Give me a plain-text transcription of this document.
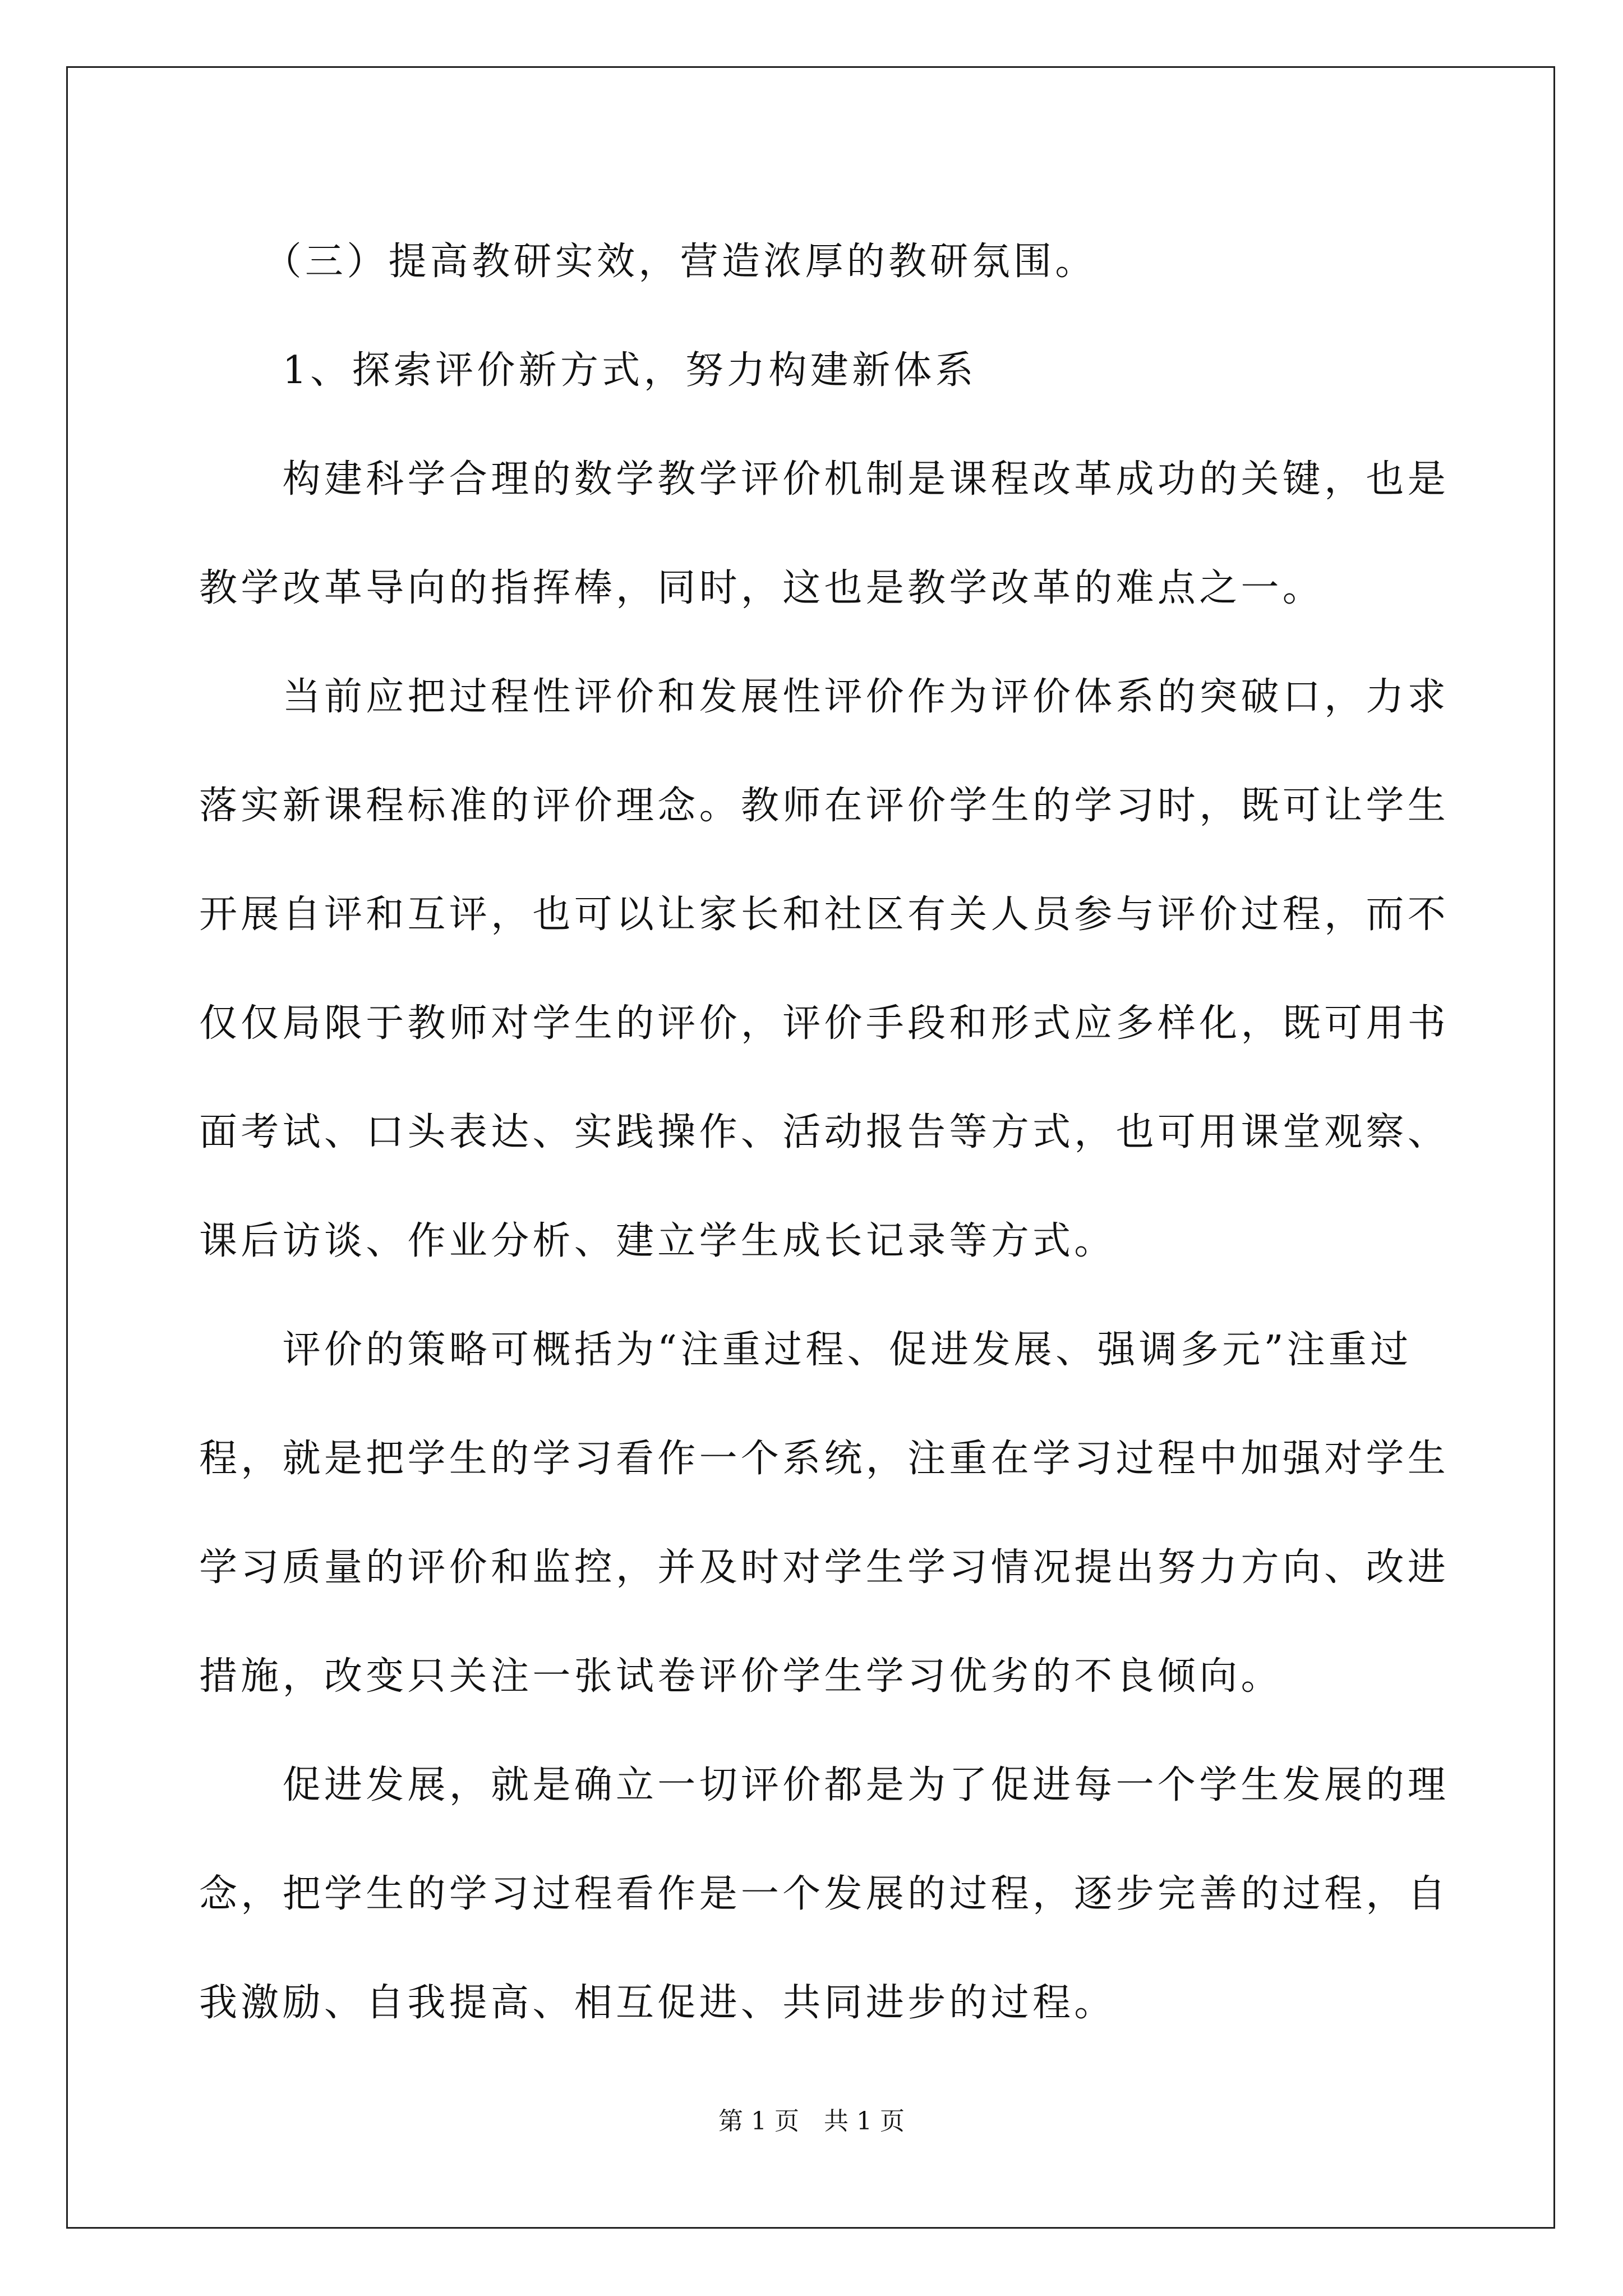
　　（三）提高教研实效，营造浓厚的教研氛围。
　　1、探索评价新方式，努力构建新体系
　　构建科学合理的数学教学评价机制是课程改革成功的关键，也是
教学改革导向的指挥棒，同时，这也是教学改革的难点之一。
　　当前应把过程性评价和发展性评价作为评价体系的突破口，力求
落实新课程标准的评价理念。教师在评价学生的学习时，既可让学生
开展自评和互评，也可以让家长和社区有关人员参与评价过程，而不
仅仅局限于教师对学生的评价，评价手段和形式应多样化，既可用书
面考试、口头表达、实践操作、活动报告等方式，也可用课堂观察、
课后访谈、作业分析、建立学生成长记录等方式。
　　评价的策略可概括为“注重过程、促进发展、强调多元”注重过
程，就是把学生的学习看作一个系统，注重在学习过程中加强对学生
学习质量的评价和监控，并及时对学生学习情况提出努力方向、改进
措施，改变只关注一张试卷评价学生学习优劣的不良倾向。
　　促进发展，就是确立一切评价都是为了促进每一个学生发展的理
念，把学生的学习过程看作是一个发展的过程，逐步完善的过程，自
我激励、自我提高、相互促进、共同进步的过程。
第 1 页　共 1 页
